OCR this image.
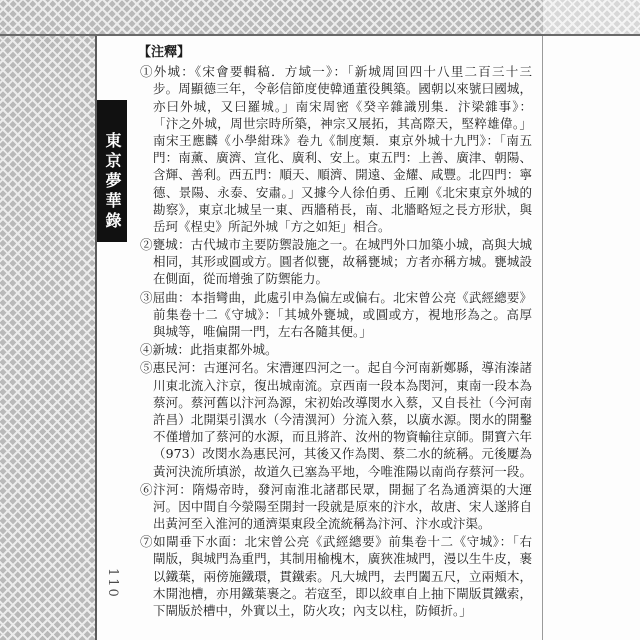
東京夢華錄
110
【注釋】
①外城：《宋會要輯稿．方域一》：「新城周回四十八里二百三十三
步。周顯德三年，令彰信節度使韓通董役興築。國朝以來號曰國城，
亦曰外城，又曰羅城。」南宋周密《癸辛雜識別集．汴梁雜事》：
「汴之外城，周世宗時所築，神宗又展拓，其高際天，堅粹雄偉。」
南宋王應麟《小學紺珠》卷九《制度類．東京外城十九門》：「南五
門：南薰、廣濟、宣化、廣利、安上。東五門：上善、廣津、朝陽、
含輝、善利。西五門：順天、順濟、開遠、金耀、咸豐。北四門：寧
德、景陽、永泰、安肅。」又據今人徐伯勇、丘剛《北宋東京外城的
勘察》，東京北城呈一東、西牆稍長，南、北牆略短之長方形狀，與
岳珂《桯史》所記外城「方之如矩」相合。
②甕城：古代城市主要防禦設施之一。在城門外口加築小城，高與大城
相同，其形或圓或方。圓者似甕，故稱甕城；方者亦稱方城。甕城設
在側面，從而增強了防禦能力。
③屈曲：本指彎曲，此處引申為偏左或偏右。北宋曾公亮《武經總要》
前集卷十二《守城》：「其城外甕城，或圓或方，視地形為之。高厚
與城等，唯偏開一門，左右各隨其便。」
④新城：此指東都外城。
⑤惠民河：古運河名。宋漕運四河之一。起自今河南新鄭縣，導洧溱諸
川東北流入汴京，復出城南流。京西南一段本為閔河，東南一段本為
蔡河。蔡河舊以汴河為源，宋初始改導閔水入蔡，又自長社（今河南
許昌）北開渠引潩水（今清潩河）分流入蔡，以廣水源。閔水的開鑿
不僅增加了蔡河的水源，而且將許、汝州的物資輸往京師。開寶六年
（973）改閔水為惠民河，其後又作為閔、蔡二水的統稱。元後屢為
黃河決流所填淤，故道久已塞為平地，今唯淮陽以南尚存蔡河一段。
⑥汴河：隋煬帝時，發河南淮北諸郡民眾，開掘了名為通濟渠的大運
河。因中間自今滎陽至開封一段就是原來的汴水，故唐、宋人遂將自
出黃河至入淮河的通濟渠東段全流統稱為汴河、汴水或汴渠。
⑦如閘垂下水面：北宋曾公亮《武經總要》前集卷十二《守城》：「右
閘版，與城門為重門，其制用榆槐木，廣狹准城門，漫以生牛皮，裹
以鐵葉，兩傍施鐵環，貫鐵索。凡大城門，去門闔五尺，立兩頰木，
木開池槽，亦用鐵葉裹之。若寇至，即以絞車自上抽下閘版貫鐵索，
下閘版於槽中，外實以土，防火攻；內支以柱，防傾折。」
